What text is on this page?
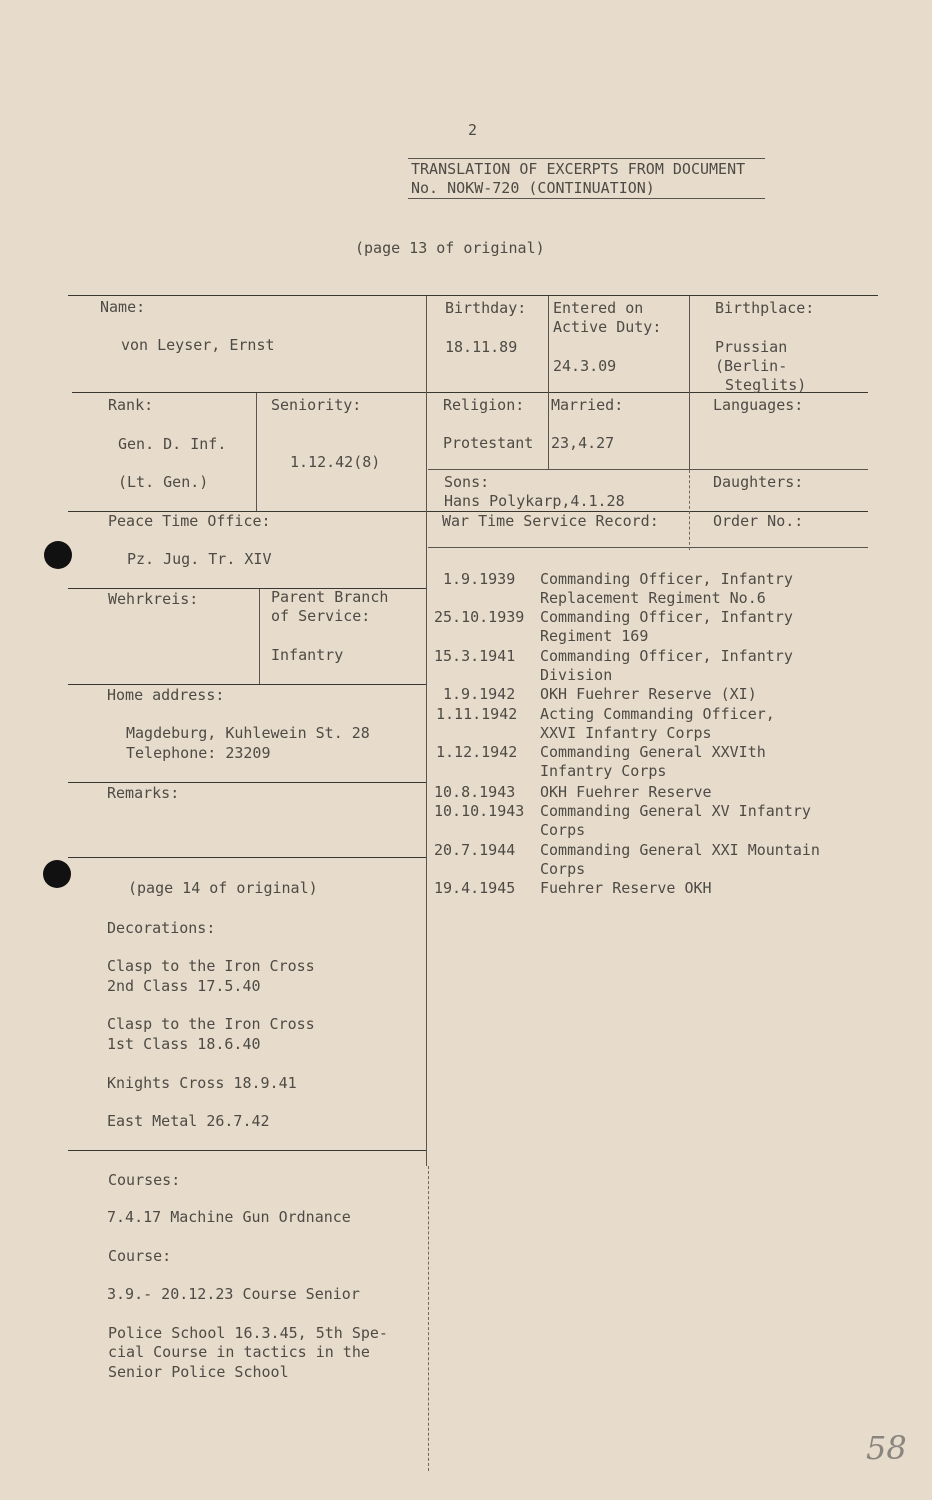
2
TRANSLATION OF EXCERPTS FROM DOCUMENT
No. NOKW-720 (CONTINUATION)
(page 13 of original)
Name:
von Leyser, Ernst
Birthday:
18.11.89
Entered on
Active Duty:
24.3.09
Birthplace:
Prussian
(Berlin-
Steglits)
Rank:
Gen. D. Inf.
(Lt. Gen.)
Seniority:
1.12.42(8)
Religion:
Protestant
Married:
23,4.27
Languages:
Sons:
Hans Polykarp,4.1.28
Daughters:
Peace Time Office:
Pz. Jug. Tr. XIV
War Time Service Record:	Order No.:
1.9.1939 Commanding Officer, Infantry
Replacement Regiment No.6
25.10.1939 Commanding Officer, Infantry
Regiment 169
15.3.1941 Commanding Officer, Infantry
Division
1.9.1942 OKH Fuehrer Reserve (XI)
1.11.1942 Acting Commanding Officer,
XXVI Infantry Corps
1.12.1942 Commanding General XXVIth
Infantry Corps
10.8.1943 OKH Fuehrer Reserve
10.10.1943 Commanding General XV Infantry
Corps
20.7.1944 Commanding General XXI Mountain
Corps
19.4.1945 Fuehrer Reserve OKH
Wehrkreis:	Parent Branch
of Service:
Infantry
Home address:
Magdeburg, Kuhlewein St. 28
Telephone: 23209
Remarks:
(page 14 of original)
Decorations:
Clasp to the Iron Cross
2nd Class 17.5.40
Clasp to the Iron Cross
1st Class 18.6.40
Knights Cross 18.9.41
East Metal 26.7.42
Courses:
7.4.17 Machine Gun Ordnance
Course:
3.9.- 20.12.23 Course Senior
Police School 16.3.45, 5th Spe-
cial Course in tactics in the
Senior Police School
58
